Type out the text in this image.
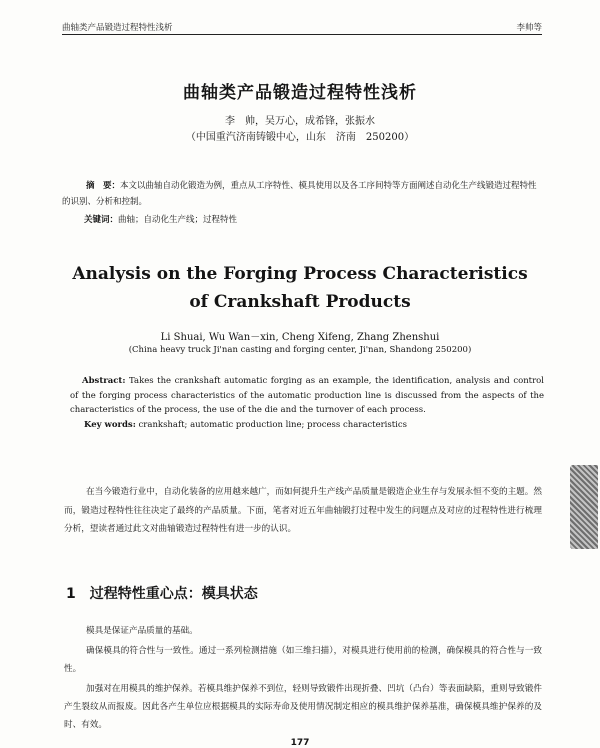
曲轴类产品锻造过程特性浅析	李帅等
曲轴类产品锻造过程特性浅析
李　帅，吴万心，成希锋，张振水
（中国重汽济南铸锻中心，山东　济南　250200）
摘　要：本文以曲轴自动化锻造为例，重点从工序特性、模具使用以及各工序间特等方面阐述自动化生产线锻造过程特性的识别、分析和控制。
关键词：曲轴；自动化生产线；过程特性
Analysis on the Forging Process Characteristics
of Crankshaft Products
Li Shuai, Wu Wan－xin, Cheng Xifeng, Zhang Zhenshui
(China heavy truck Ji'nan casting and forging center, Ji'nan, Shandong 250200)
Abstract: Takes the crankshaft automatic forging as an example, the identification, analysis and control of the forging process characteristics of the automatic production line is discussed from the aspects of the characteristics of the process, the use of the die and the turnover of each process.
Key words: crankshaft; automatic production line; process characteristics
在当今锻造行业中，自动化装备的应用越来越广，而如何提升生产线产品质量是锻造企业生存与发展永恒不变的主题。然而，锻造过程特性往往决定了最终的产品质量。下面，笔者对近五年曲轴锻打过程中发生的问题点及对应的过程特性进行梳理分析，望读者通过此文对曲轴锻造过程特性有进一步的认识。
1 过程特性重心点：模具状态
模具是保证产品质量的基础。
确保模具的符合性与一致性。通过一系列检测措施（如三维扫描），对模具进行使用前的检测，确保模具的符合性与一致性。
加强对在用模具的维护保养。若模具维护保养不到位，轻则导致锻件出现折叠、凹坑（凸台）等表面缺陷，重则导致锻件产生裂纹从而报废。因此各产生单位应根据模具的实际寿命及使用情况制定相应的模具维护保养基准，确保模具维护保养的及时、有效。
177
